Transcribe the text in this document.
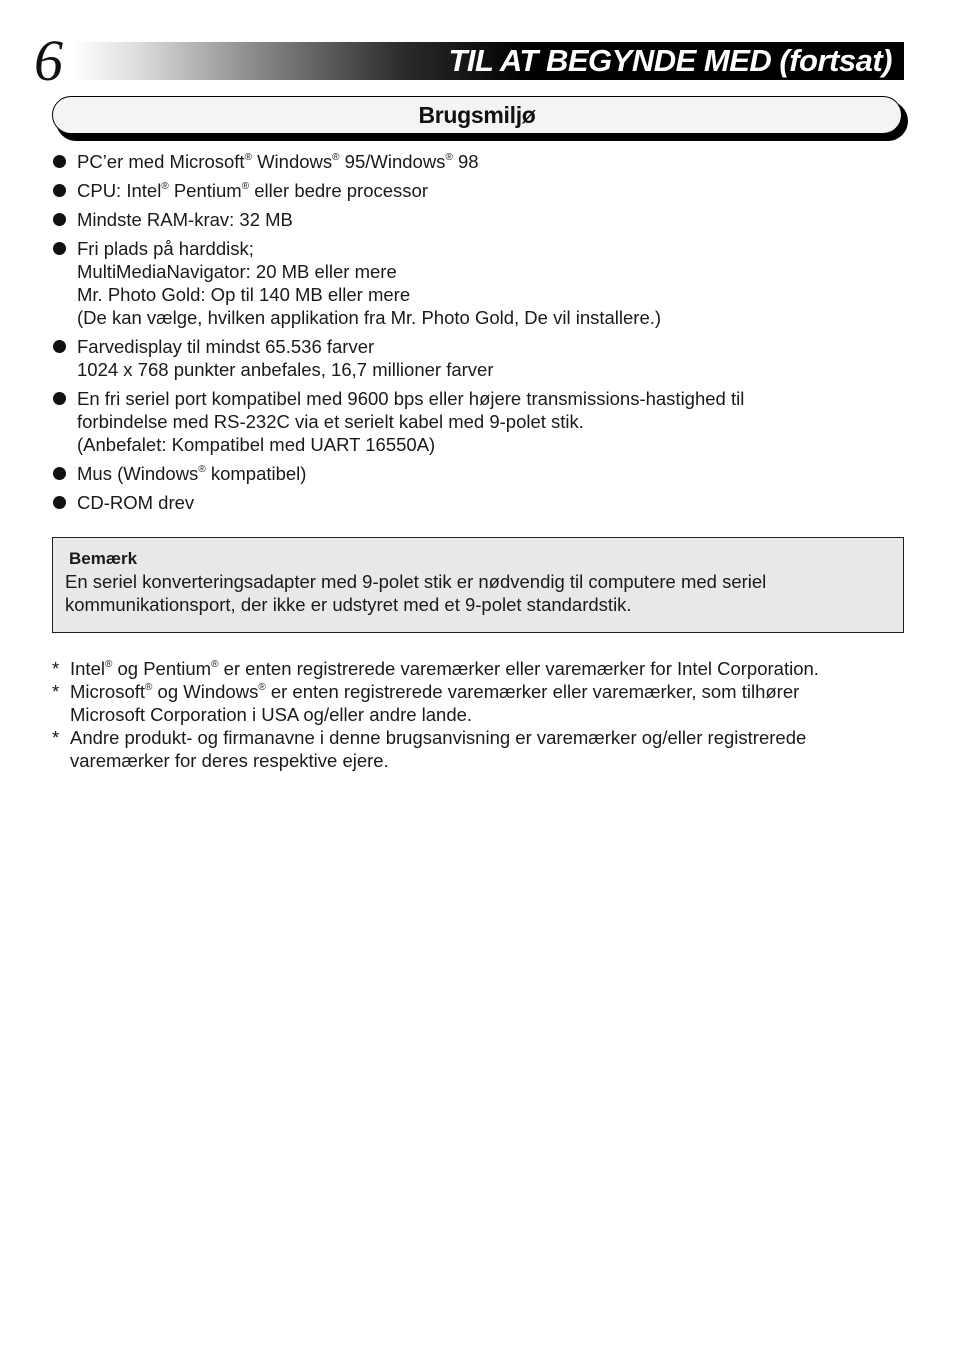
6	TIL AT BEGYNDE MED (fortsat)
Brugsmiljø
PC’er med Microsoft® Windows® 95/Windows® 98
CPU: Intel® Pentium® eller bedre processor
Mindste RAM-krav: 32 MB
Fri plads på harddisk;
MultiMediaNavigator: 20 MB eller mere
Mr. Photo Gold: Op til 140 MB eller mere
(De kan vælge, hvilken applikation fra Mr. Photo Gold, De vil installere.)
Farvedisplay til mindst 65.536 farver
1024 x 768 punkter anbefales, 16,7 millioner farver
En fri seriel port kompatibel med 9600 bps eller højere transmissions-hastighed til
forbindelse med RS-232C via et serielt kabel med 9-polet stik.
(Anbefalet: Kompatibel med UART 16550A)
Mus (Windows® kompatibel)
CD-ROM drev
Bemærk
En seriel konverteringsadapter med 9-polet stik er nødvendig til computere med seriel
kommunikationsport, der ikke er udstyret med et 9-polet standardstik.
* Intel® og Pentium® er enten registrerede varemærker eller varemærker for Intel Corporation.
* Microsoft® og Windows® er enten registrerede varemærker eller varemærker, som tilhører
Microsoft Corporation i USA og/eller andre lande.
* Andre produkt- og firmanavne i denne brugsanvisning er varemærker og/eller registrerede
varemærker for deres respektive ejere.
